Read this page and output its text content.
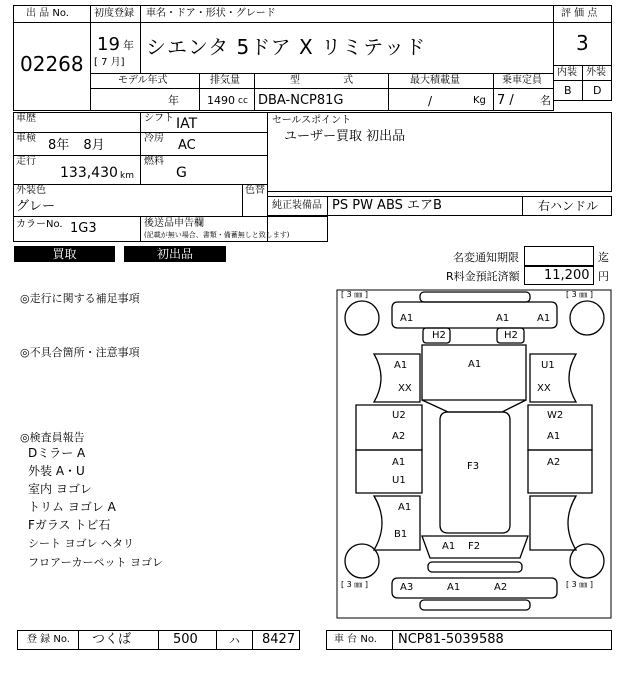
出 品 No.
02268
初度登録 車名・ドア・形状・グレード
19 年
[ 7 月]
シエンタ 5ドア X リミテッド
モデル年式	排気量	型 式	最大積載量	乗車定員
年	1490 cc DBA-NCP81G	/	Kg 7 / 名
評 価 点
3
内装 外装
B D
車歴	シフト IAT
車検 8年 8月	冷房 AC
走行
133,430 km
燃料
G
外装色
グレー
色替
カラーNo. 1G3	後送品申告欄
(記載が無い場合、書類・備蓄無しと致します)
セールスポイント
ユーザー買取 初出品
純正装備品 PS PW ABS エアB	右ハンドル
買取	初出品	名変通知期限	迄
R料金預託済額 11,200 円
◎走行に関する補足事項
◎不具合箇所・注意事項
◎検査員報告
Dミラー A
外装 A・U
室内 ヨゴレ
トリム ヨゴレ A
Fガラス トビ石
シート ヨゴレ ヘタリ
フロアーカーペット ヨゴレ
[ 3 ㎜ ]	[ 3 ㎜ ]
[ 3 ㎜ ]	[ 3 ㎜ ]
A1	A1	A1
H2	H2
A1
A1
XX
U1
XX
U2
A2
W2
A1
A1
U1
A2
F3
A1
B1
A1 F2
A3	A1	A2
登 録 No. つくば	500	ハ 8427	車 台 No. NCP81-5039588
